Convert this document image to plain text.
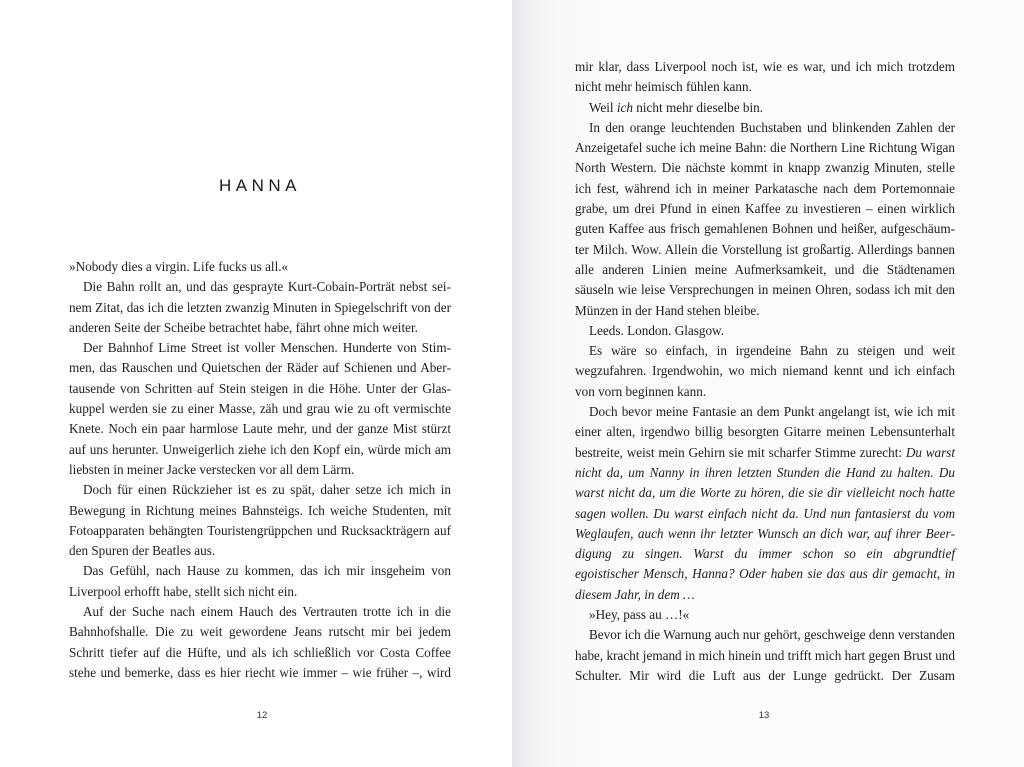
HANNA

»Nobody dies a virgin. Life fucks us all.«

Die Bahn rollt an, und das gesprayte Kurt-Cobain-Porträt nebst seinem Zitat, das ich die letzten zwanzig Minuten in Spiegelschrift von der anderen Seite der Scheibe betrachtet habe, fährt ohne mich weiter.

Der Bahnhof Lime Street ist voller Menschen. Hunderte von Stimmen, das Rauschen und Quietschen der Räder auf Schienen und Abertausende von Schritten auf Stein steigen in die Höhe. Unter der Glaskuppel werden sie zu einer Masse, zäh und grau wie zu oft vermischte Knete. Noch ein paar harmlose Laute mehr, und der ganze Mist stürzt auf uns herunter. Unweigerlich ziehe ich den Kopf ein, würde mich am liebsten in meiner Jacke verstecken vor all dem Lärm.

Doch für einen Rückzieher ist es zu spät, daher setze ich mich in Bewegung in Richtung meines Bahnsteigs. Ich weiche Studenten, mit Fotoapparaten behängten Touristengrüppchen und Rucksackträgern auf den Spuren der Beatles aus.

Das Gefühl, nach Hause zu kommen, das ich mir insgeheim von Liverpool erhofft habe, stellt sich nicht ein.

Auf der Suche nach einem Hauch des Vertrauten trotte ich in die Bahnhofshalle. Die zu weit gewordene Jeans rutscht mir bei jedem Schritt tiefer auf die Hüfte, und als ich schließlich vor Costa Coffee stehe und bemerke, dass es hier riecht wie immer – wie früher –, wird

12

mir klar, dass Liverpool noch ist, wie es war, und ich mich trotzdem nicht mehr heimisch fühlen kann.

Weil ich nicht mehr dieselbe bin.

In den orange leuchtenden Buchstaben und blinkenden Zahlen der Anzeigetafel suche ich meine Bahn: die Northern Line Richtung Wigan North Western. Die nächste kommt in knapp zwanzig Minuten, stelle ich fest, während ich in meiner Parkatasche nach dem Portemonnaie grabe, um drei Pfund in einen Kaffee zu investieren – einen wirklich guten Kaffee aus frisch gemahlenen Bohnen und heißer, aufgeschäumter Milch. Wow. Allein die Vorstellung ist großartig. Allerdings bannen alle anderen Linien meine Aufmerksamkeit, und die Städtenamen säuseln wie leise Versprechungen in meinen Ohren, sodass ich mit den Münzen in der Hand stehen bleibe.

Leeds. London. Glasgow.

Es wäre so einfach, in irgendeine Bahn zu steigen und weit wegzufahren. Irgendwohin, wo mich niemand kennt und ich einfach von vorn beginnen kann.

Doch bevor meine Fantasie an dem Punkt angelangt ist, wie ich mit einer alten, irgendwo billig besorgten Gitarre meinen Lebensunterhalt bestreite, weist mein Gehirn sie mit scharfer Stimme zurecht: Du warst nicht da, um Nanny in ihren letzten Stunden die Hand zu halten. Du warst nicht da, um die Worte zu hören, die sie dir vielleicht noch hatte sagen wollen. Du warst einfach nicht da. Und nun fantasierst du vom Weglaufen, auch wenn ihr letzter Wunsch an dich war, auf ihrer Beerdigung zu singen. Warst du immer schon so ein abgrundtief egoistischer Mensch, Hanna? Oder haben sie das aus dir gemacht, in diesem Jahr, in dem …

»Hey, pass au …!«

Bevor ich die Warnung auch nur gehört, geschweige denn verstanden habe, kracht jemand in mich hinein und trifft mich hart gegen Brust und Schulter. Mir wird die Luft aus der Lunge gedrückt. Der Zusam

13
